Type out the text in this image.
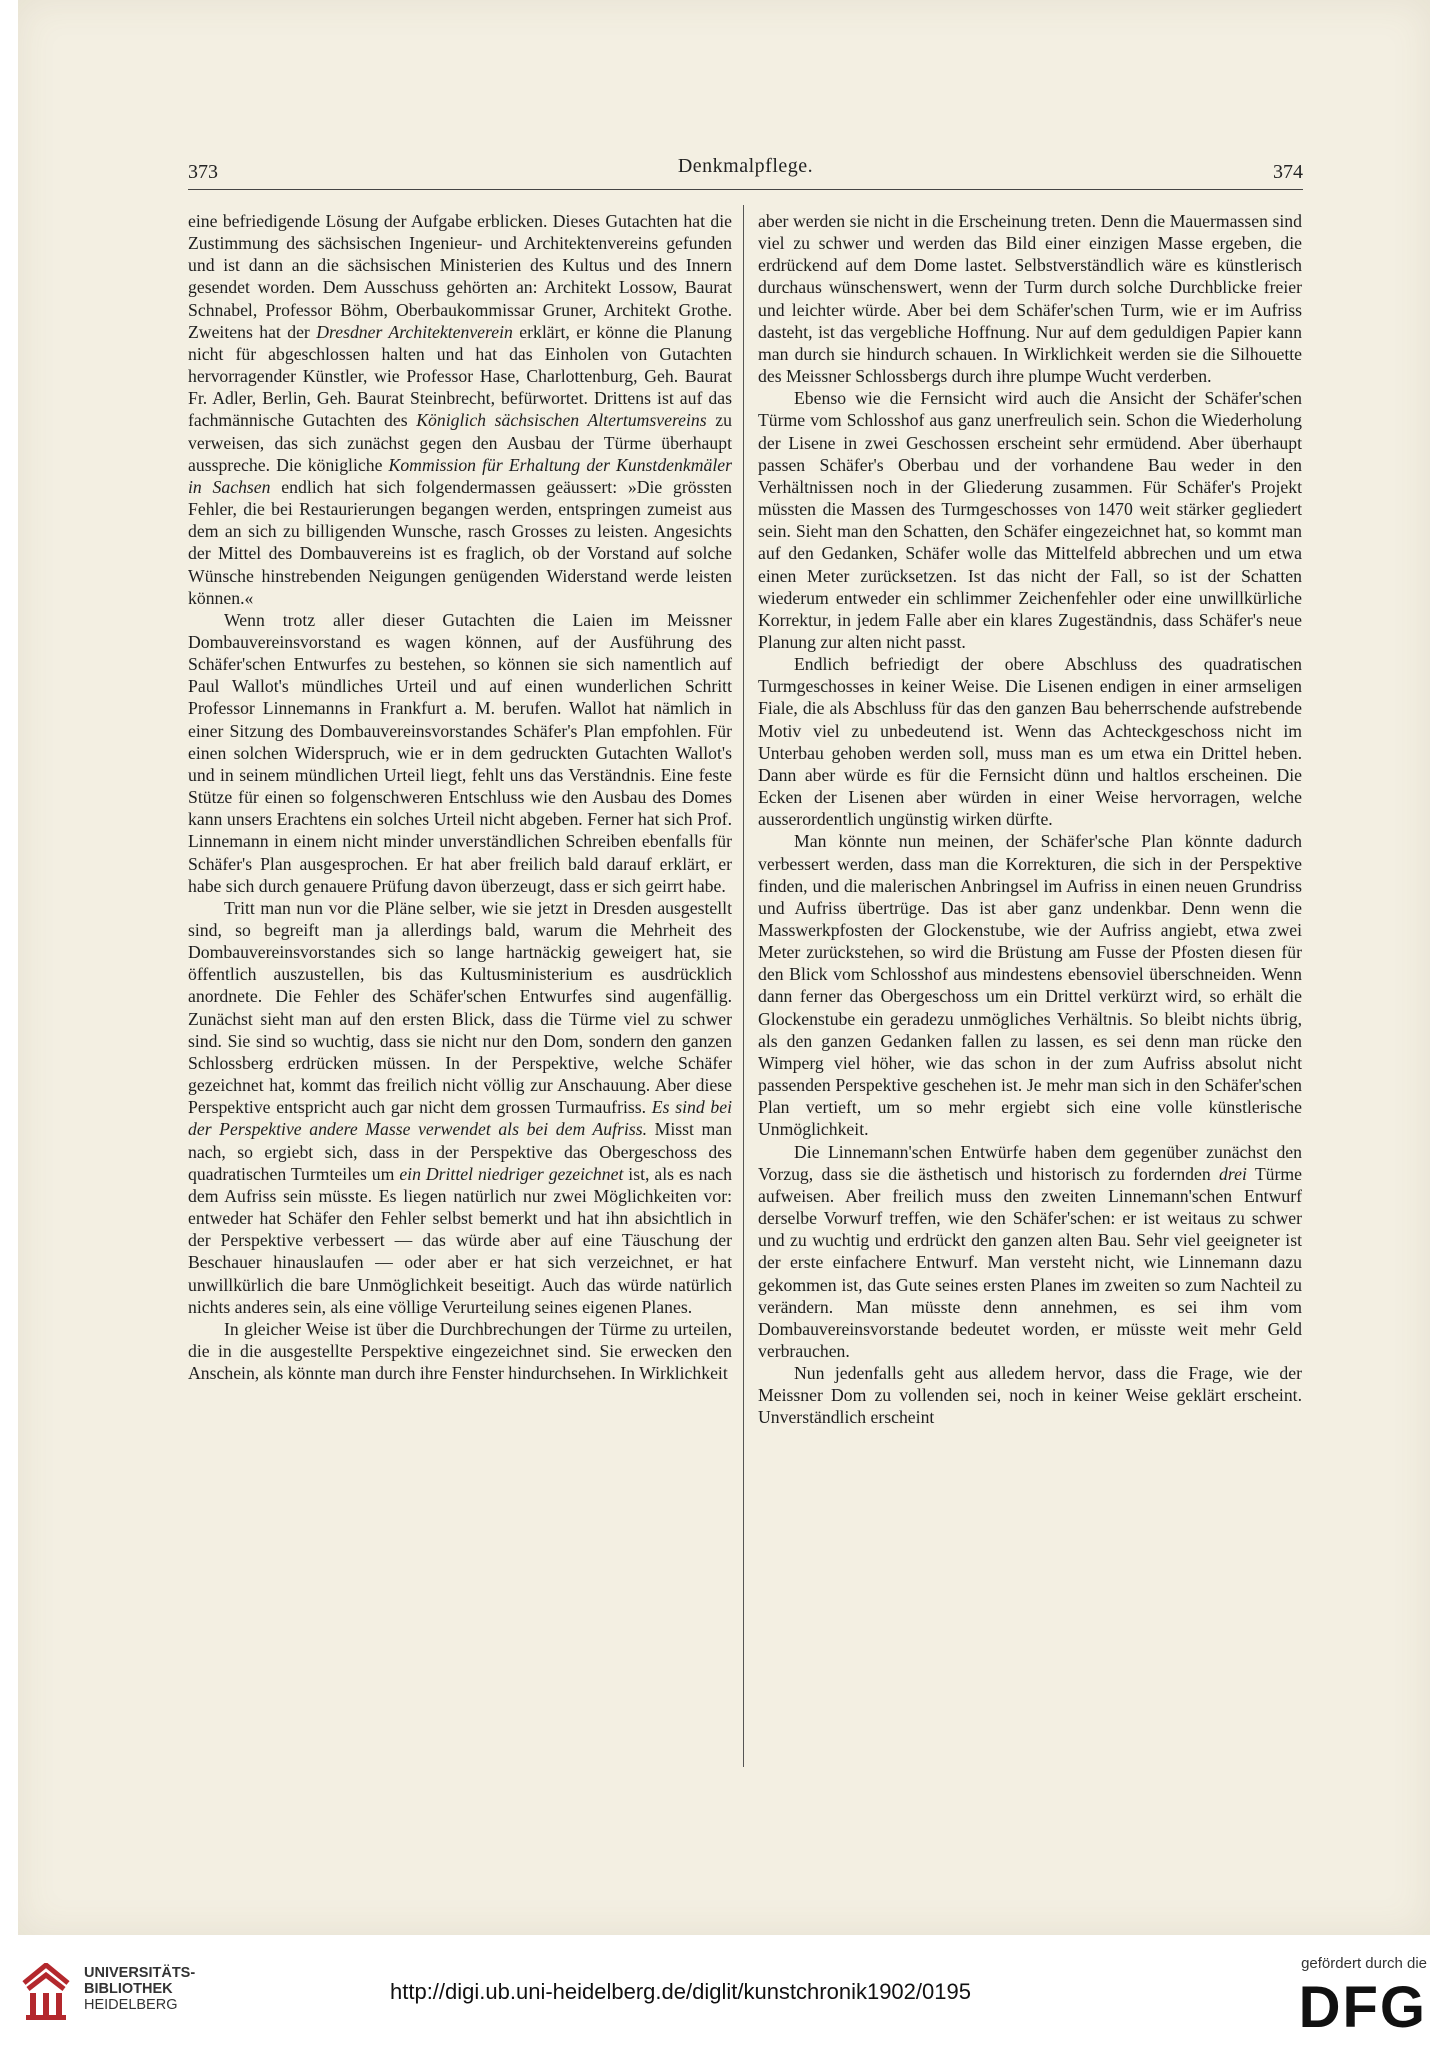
373	Denkmalpflege.	374

eine befriedigende Lösung der Aufgabe erblicken. Dieses Gutachten hat die Zustimmung des sächsischen Ingenieur- und Architektenvereins gefunden und ist dann an die sächsischen Ministerien des Kultus und des Innern gesendet worden. Dem Ausschuss gehörten an: Architekt Lossow, Baurat Schnabel, Professor Böhm, Oberbaukommissar Gruner, Architekt Grothe. Zweitens hat der Dresdner Architektenverein erklärt, er könne die Planung nicht für abgeschlossen halten und hat das Einholen von Gutachten hervorragender Künstler, wie Professor Hase, Charlottenburg, Geh. Baurat Fr. Adler, Berlin, Geh. Baurat Steinbrecht, befürwortet. Drittens ist auf das fachmännische Gutachten des Königlich sächsischen Altertumsvereins zu verweisen, das sich zunächst gegen den Ausbau der Türme überhaupt ausspreche. Die königliche Kommission für Erhaltung der Kunstdenkmäler in Sachsen endlich hat sich folgendermassen geäussert: »Die grössten Fehler, die bei Restaurierungen begangen werden, entspringen zumeist aus dem an sich zu billigenden Wunsche, rasch Grosses zu leisten. Angesichts der Mittel des Dombauvereins ist es fraglich, ob der Vorstand auf solche Wünsche hinstrebenden Neigungen genügenden Widerstand werde leisten können.«

Wenn trotz aller dieser Gutachten die Laien im Meissner Dombauvereinsvorstand es wagen können, auf der Ausführung des Schäfer'schen Entwurfes zu bestehen, so können sie sich namentlich auf Paul Wallot's mündliches Urteil und auf einen wunderlichen Schritt Professor Linnemanns in Frankfurt a. M. berufen. Wallot hat nämlich in einer Sitzung des Dombauvereinsvorstandes Schäfer's Plan empfohlen. Für einen solchen Widerspruch, wie er in dem gedruckten Gutachten Wallot's und in seinem mündlichen Urteil liegt, fehlt uns das Verständnis. Eine feste Stütze für einen so folgenschweren Entschluss wie den Ausbau des Domes kann unsers Erachtens ein solches Urteil nicht abgeben. Ferner hat sich Prof. Linnemann in einem nicht minder unverständlichen Schreiben ebenfalls für Schäfer's Plan ausgesprochen. Er hat aber freilich bald darauf erklärt, er habe sich durch genauere Prüfung davon überzeugt, dass er sich geirrt habe.

Tritt man nun vor die Pläne selber, wie sie jetzt in Dresden ausgestellt sind, so begreift man ja allerdings bald, warum die Mehrheit des Dombauvereinsvorstandes sich so lange hartnäckig geweigert hat, sie öffentlich auszustellen, bis das Kultusministerium es ausdrücklich anordnete. Die Fehler des Schäfer'schen Entwurfes sind augenfällig. Zunächst sieht man auf den ersten Blick, dass die Türme viel zu schwer sind. Sie sind so wuchtig, dass sie nicht nur den Dom, sondern den ganzen Schlossberg erdrücken müssen. In der Perspektive, welche Schäfer gezeichnet hat, kommt das freilich nicht völlig zur Anschauung. Aber diese Perspektive entspricht auch gar nicht dem grossen Turmaufriss. Es sind bei der Perspektive andere Masse verwendet als bei dem Aufriss. Misst man nach, so ergiebt sich, dass in der Perspektive das Obergeschoss des quadratischen Turmteiles um ein Drittel niedriger gezeichnet ist, als es nach dem Aufriss sein müsste. Es liegen natürlich nur zwei Möglichkeiten vor: entweder hat Schäfer den Fehler selbst bemerkt und hat ihn absichtlich in der Perspektive verbessert — das würde aber auf eine Täuschung der Beschauer hinauslaufen — oder aber er hat sich verzeichnet, er hat unwillkürlich die bare Unmöglichkeit beseitigt. Auch das würde natürlich nichts anderes sein, als eine völlige Verurteilung seines eigenen Planes.

In gleicher Weise ist über die Durchbrechungen der Türme zu urteilen, die in die ausgestellte Perspektive eingezeichnet sind. Sie erwecken den Anschein, als könnte man durch ihre Fenster hindurchsehen. In Wirklichkeit

aber werden sie nicht in die Erscheinung treten. Denn die Mauermassen sind viel zu schwer und werden das Bild einer einzigen Masse ergeben, die erdrückend auf dem Dome lastet. Selbstverständlich wäre es künstlerisch durchaus wünschenswert, wenn der Turm durch solche Durchblicke freier und leichter würde. Aber bei dem Schäfer'schen Turm, wie er im Aufriss dasteht, ist das vergebliche Hoffnung. Nur auf dem geduldigen Papier kann man durch sie hindurch schauen. In Wirklichkeit werden sie die Silhouette des Meissner Schlossbergs durch ihre plumpe Wucht verderben.

Ebenso wie die Fernsicht wird auch die Ansicht der Schäfer'schen Türme vom Schlosshof aus ganz unerfreulich sein. Schon die Wiederholung der Lisene in zwei Geschossen erscheint sehr ermüdend. Aber überhaupt passen Schäfer's Oberbau und der vorhandene Bau weder in den Verhältnissen noch in der Gliederung zusammen. Für Schäfer's Projekt müssten die Massen des Turmgeschosses von 1470 weit stärker gegliedert sein. Sieht man den Schatten, den Schäfer eingezeichnet hat, so kommt man auf den Gedanken, Schäfer wolle das Mittelfeld abbrechen und um etwa einen Meter zurücksetzen. Ist das nicht der Fall, so ist der Schatten wiederum entweder ein schlimmer Zeichenfehler oder eine unwillkürliche Korrektur, in jedem Falle aber ein klares Zugeständnis, dass Schäfer's neue Planung zur alten nicht passt.

Endlich befriedigt der obere Abschluss des quadratischen Turmgeschosses in keiner Weise. Die Lisenen endigen in einer armseligen Fiale, die als Abschluss für das den ganzen Bau beherrschende aufstrebende Motiv viel zu unbedeutend ist. Wenn das Achteckgeschoss nicht im Unterbau gehoben werden soll, muss man es um etwa ein Drittel heben. Dann aber würde es für die Fernsicht dünn und haltlos erscheinen. Die Ecken der Lisenen aber würden in einer Weise hervorragen, welche ausserordentlich ungünstig wirken dürfte.

Man könnte nun meinen, der Schäfer'sche Plan könnte dadurch verbessert werden, dass man die Korrekturen, die sich in der Perspektive finden, und die malerischen Anbringsel im Aufriss in einen neuen Grundriss und Aufriss übertrüge. Das ist aber ganz undenkbar. Denn wenn die Masswerkpfosten der Glockenstube, wie der Aufriss angiebt, etwa zwei Meter zurückstehen, so wird die Brüstung am Fusse der Pfosten diesen für den Blick vom Schlosshof aus mindestens ebensoviel überschneiden. Wenn dann ferner das Obergeschoss um ein Drittel verkürzt wird, so erhält die Glockenstube ein geradezu unmögliches Verhältnis. So bleibt nichts übrig, als den ganzen Gedanken fallen zu lassen, es sei denn man rücke den Wimperg viel höher, wie das schon in der zum Aufriss absolut nicht passenden Perspektive geschehen ist. Je mehr man sich in den Schäfer'schen Plan vertieft, um so mehr ergiebt sich eine volle künstlerische Unmöglichkeit.

Die Linnemann'schen Entwürfe haben dem gegenüber zunächst den Vorzug, dass sie die ästhetisch und historisch zu fordernden drei Türme aufweisen. Aber freilich muss den zweiten Linnemann'schen Entwurf derselbe Vorwurf treffen, wie den Schäfer'schen: er ist weitaus zu schwer und zu wuchtig und erdrückt den ganzen alten Bau. Sehr viel geeigneter ist der erste einfachere Entwurf. Man versteht nicht, wie Linnemann dazu gekommen ist, das Gute seines ersten Planes im zweiten so zum Nachteil zu verändern. Man müsste denn annehmen, es sei ihm vom Dombauvereinsvorstande bedeutet worden, er müsste weit mehr Geld verbrauchen.

Nun jedenfalls geht aus alledem hervor, dass die Frage, wie der Meissner Dom zu vollenden sei, noch in keiner Weise geklärt erscheint. Unverständlich erscheint

UNIVERSITÄTS-
BIBLIOTHEK
HEIDELBERG
http://digi.ub.uni-heidelberg.de/diglit/kunstchronik1902/0195
gefördert durch die
DFG
